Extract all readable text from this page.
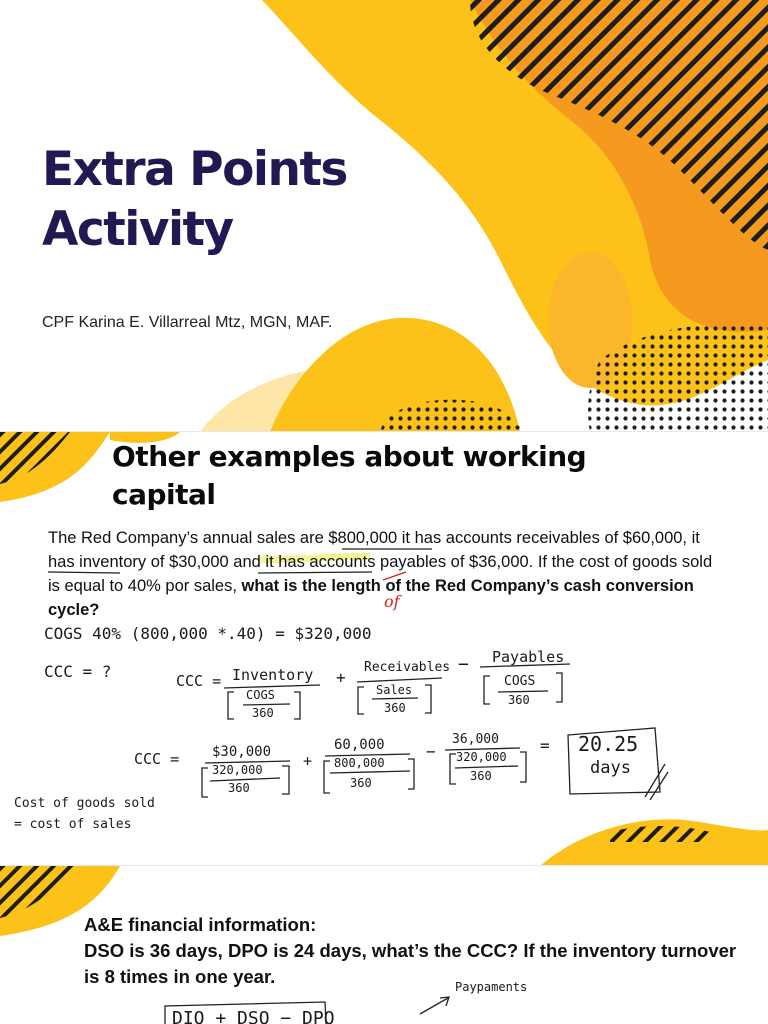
Extra Points
Activity
CPF Karina E. Villarreal Mtz, MGN, MAF.
Other examples about working
capital
The Red Company’s annual sales are $800,000 it has accounts receivables of $60,000, it has inventory of $30,000 and it has accounts payables of $36,000. If the cost of goods sold is equal to 40% por sales, what is the length of the Red Company’s cash conversion cycle?	of
COGS 40% (800,000 *.40) = $320,000
CCC = ?	CCC = Inventory
COGS
360
+
Receivables
Sales
360
− Payables
COGS
360
CCC = $30,000
320,000
360
+
60,000
800,000
360
−
36,000
320,000
360
= 20.25
days
Cost of goods sold
= cost of sales
A&E financial information:
DSO is 36 days, DPO is 24 days, what’s the CCC? If the inventory turnover is 8 times in one year.	Paypaments
DIO + DSO − DPO
